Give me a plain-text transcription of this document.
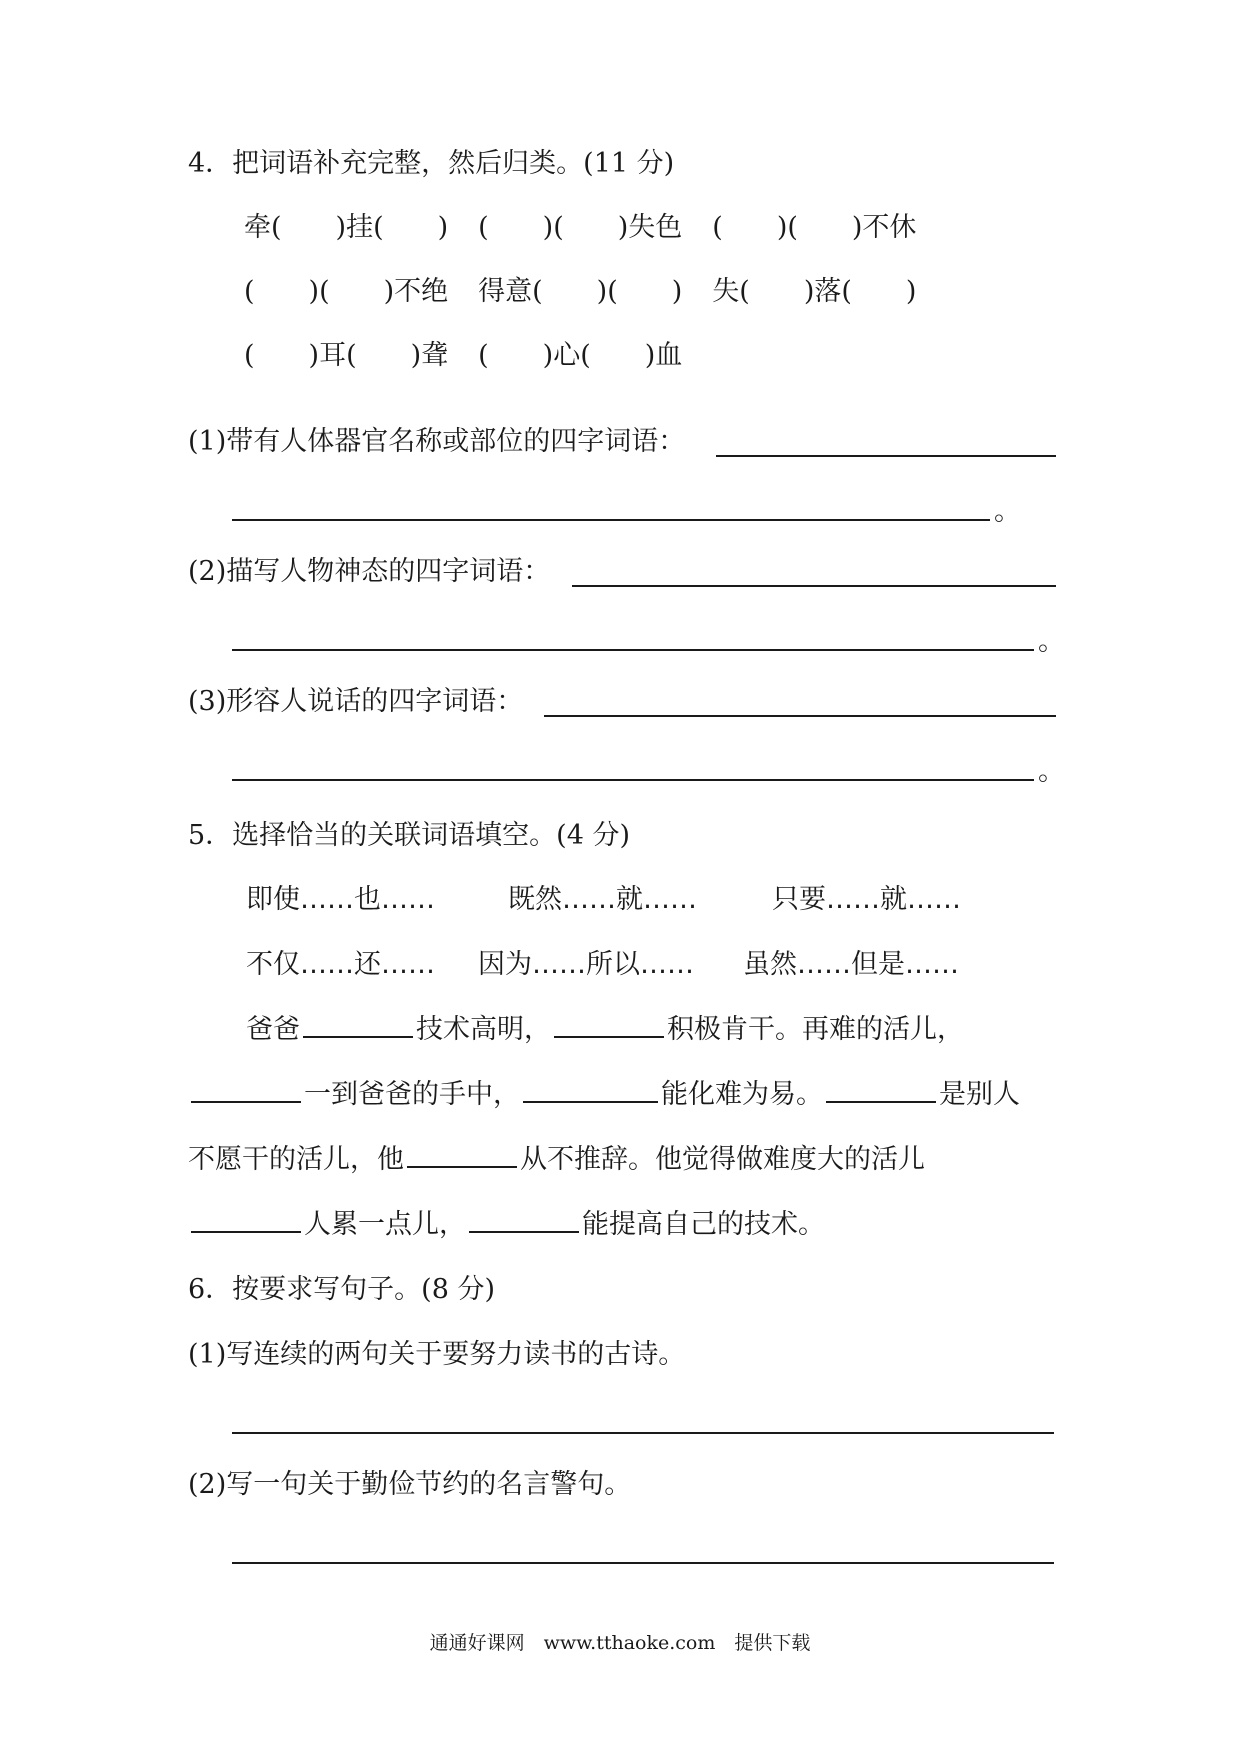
4．把词语补充完整，然后归类。(11 分)
牵(　　)挂(　　) (　　)(　　)失色 (　　)(　　)不休
(　　)(　　)不绝 得意(　　)(　　) 失(　　)落(　　)
(　　)耳(　　)聋 (　　)心(　　)血
(1)带有人体器官名称或部位的四字词语：
。
(2)描写人物神态的四字词语：
。
(3)形容人说话的四字词语：
。
5．选择恰当的关联词语填空。(4 分)
即使……也……	既然……就……	只要……就……
不仅……还…… 因为……所以…… 虽然……但是……
爸爸	技术高明，	积极肯干。再难的活儿，
一到爸爸的手中，	能化难为易。	是别人
不愿干的活儿，他	从不推辞。他觉得做难度大的活儿
人累一点儿，	能提高自己的技术。
6．按要求写句子。(8 分)
(1)写连续的两句关于要努力读书的古诗。
(2)写一句关于勤俭节约的名言警句。
通通好课网　www.tthaoke.com　提供下载
